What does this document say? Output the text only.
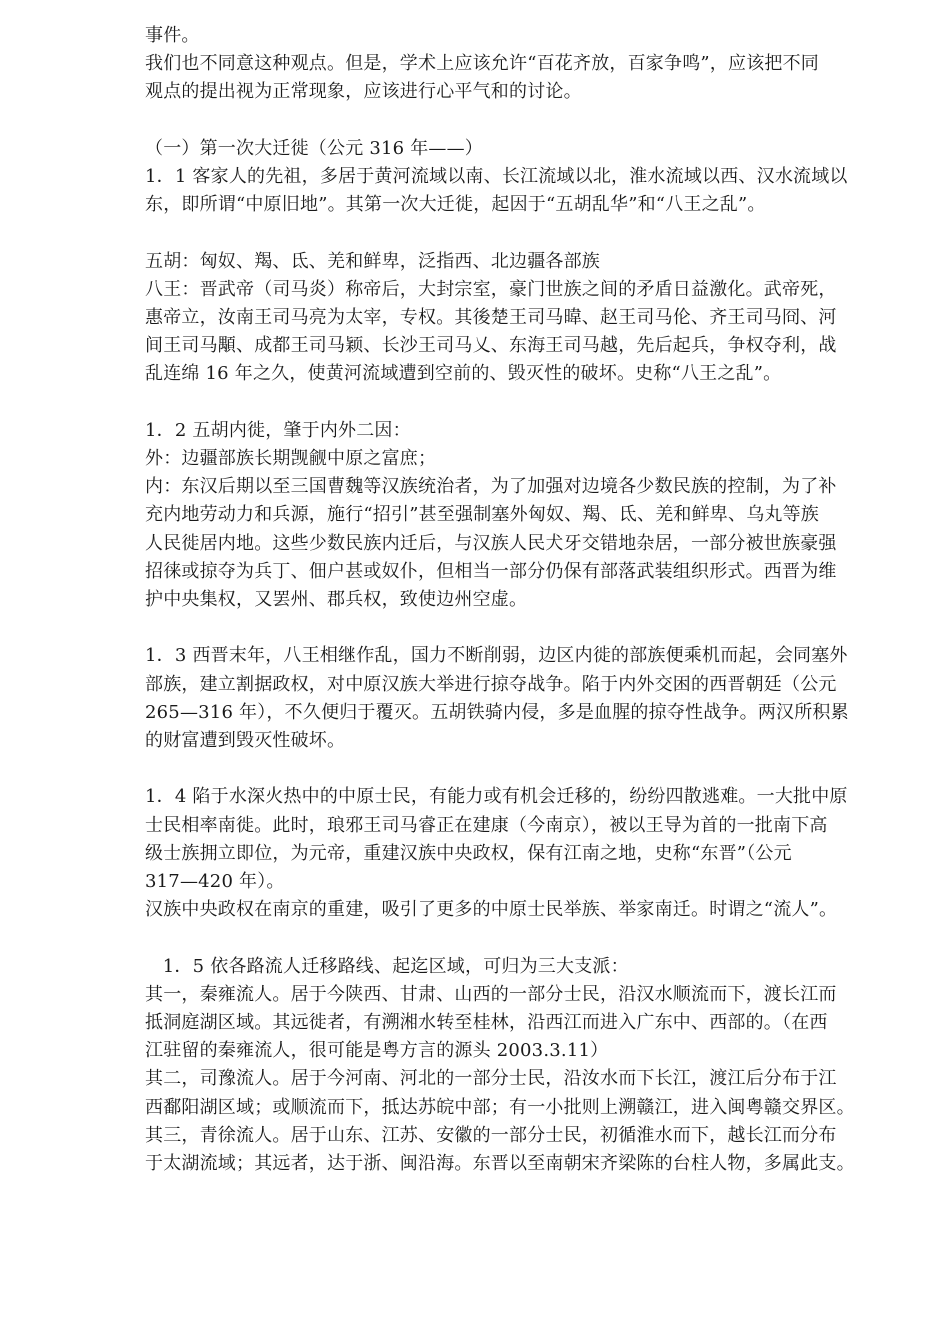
事件。

我们也不同意这种观点。但是，学术上应该允许“百花齐放，百家争鸣”，应该把不同

观点的提出视为正常现象，应该进行心平气和的讨论。

（一）第一次大迁徙（公元 316 年——）

1．1 客家人的先祖，多居于黄河流域以南、长江流域以北，淮水流域以西、汉水流域以

东，即所谓“中原旧地”。其第一次大迁徙，起因于“五胡乱华”和“八王之乱”。

五胡：匈奴、羯、氐、羌和鲜卑，泛指西、北边疆各部族

八王：晋武帝（司马炎）称帝后，大封宗室，豪门世族之间的矛盾日益激化。武帝死，

惠帝立，汝南王司马亮为太宰，专权。其後楚王司马暐、赵王司马伦、齐王司马冏、河

间王司马顒、成都王司马颖、长沙王司马乂、东海王司马越，先后起兵，争权夺利，战

乱连绵 16 年之久，使黄河流域遭到空前的、毁灭性的破坏。史称“八王之乱”。

1．2 五胡内徙，肇于内外二因：

外：边疆部族长期觊觎中原之富庶；

内：东汉后期以至三国曹魏等汉族统治者，为了加强对边境各少数民族的控制，为了补

充内地劳动力和兵源，施行“招引”甚至强制塞外匈奴、羯、氐、羌和鲜卑、乌丸等族

人民徙居内地。这些少数民族内迁后，与汉族人民犬牙交错地杂居，一部分被世族豪强

招徕或掠夺为兵丁、佃户甚或奴仆，但相当一部分仍保有部落武装组织形式。西晋为维

护中央集权，又罢州、郡兵权，致使边州空虚。

1．3 西晋末年，八王相继作乱，国力不断削弱，边区内徙的部族便乘机而起，会同塞外

部族，建立割据政权，对中原汉族大举进行掠夺战争。陷于内外交困的西晋朝廷（公元

265—316 年），不久便归于覆灭。五胡铁骑内侵，多是血腥的掠夺性战争。两汉所积累

的财富遭到毁灭性破坏。

1．4 陷于水深火热中的中原士民，有能力或有机会迁移的，纷纷四散逃难。一大批中原

士民相率南徙。此时，琅邪王司马睿正在建康（今南京），被以王导为首的一批南下高

级士族拥立即位，为元帝，重建汉族中央政权，保有江南之地，史称“东晋”（公元

317—420 年）。

汉族中央政权在南京的重建，吸引了更多的中原士民举族、举家南迁。时谓之“流人”。

1．5 依各路流人迁移路线、起迄区域，可归为三大支派：

其一，秦雍流人。居于今陕西、甘肃、山西的一部分士民，沿汉水顺流而下，渡长江而

抵洞庭湖区域。其远徙者，有溯湘水转至桂林，沿西江而进入广东中、西部的。（在西

江驻留的秦雍流人，很可能是粤方言的源头 2003.3.11）

其二，司豫流人。居于今河南、河北的一部分士民，沿汝水而下长江，渡江后分布于江

西鄱阳湖区域；或顺流而下，抵达苏皖中部；有一小批则上溯赣江，进入闽粤赣交界区。

其三，青徐流人。居于山东、江苏、安徽的一部分士民，初循淮水而下，越长江而分布

于太湖流域；其远者，达于浙、闽沿海。东晋以至南朝宋齐梁陈的台柱人物，多属此支。
